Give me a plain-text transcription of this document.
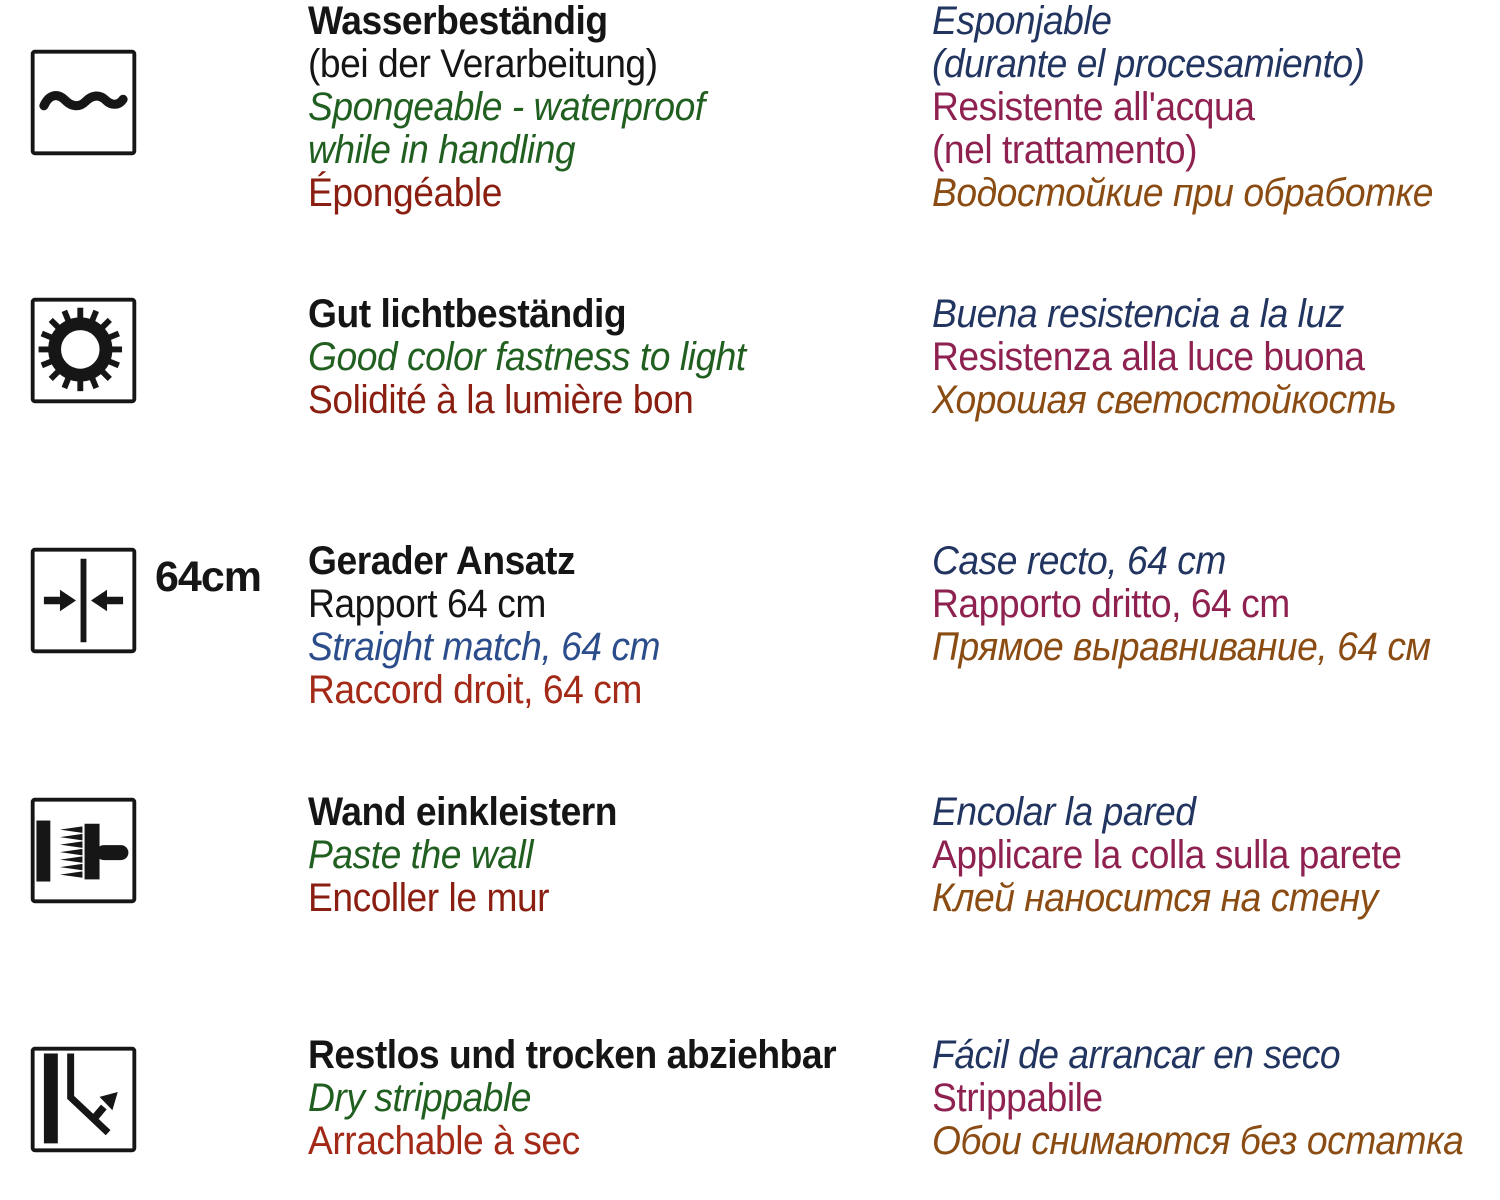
Wasserbeständig
(bei der Verarbeitung)
Spongeable - waterproof
while in handling
Épongéable
Esponjable
(durante el procesamiento)
Resistente all'acqua
(nel trattamento)
Водостойкие при обработке
Gut lichtbeständig
Good color fastness to light
Solidité à la lumière bon
Buena resistencia a la luz
Resistenza alla luce buona
Хорошая светостойкость
64cm Gerader Ansatz
Rapport 64 cm
Straight match, 64 cm
Raccord droit, 64 cm
Case recto, 64 cm
Rapporto dritto, 64 cm
Прямое выравнивание, 64 см
Wand einkleistern
Paste the wall
Encoller le mur
Encolar la pared
Applicare la colla sulla parete
Клей наносится на стену
Restlos und trocken abziehbar
Dry strippable
Arrachable à sec
Fácil de arrancar en seco
Strippabile
Обои снимаются без остатка
